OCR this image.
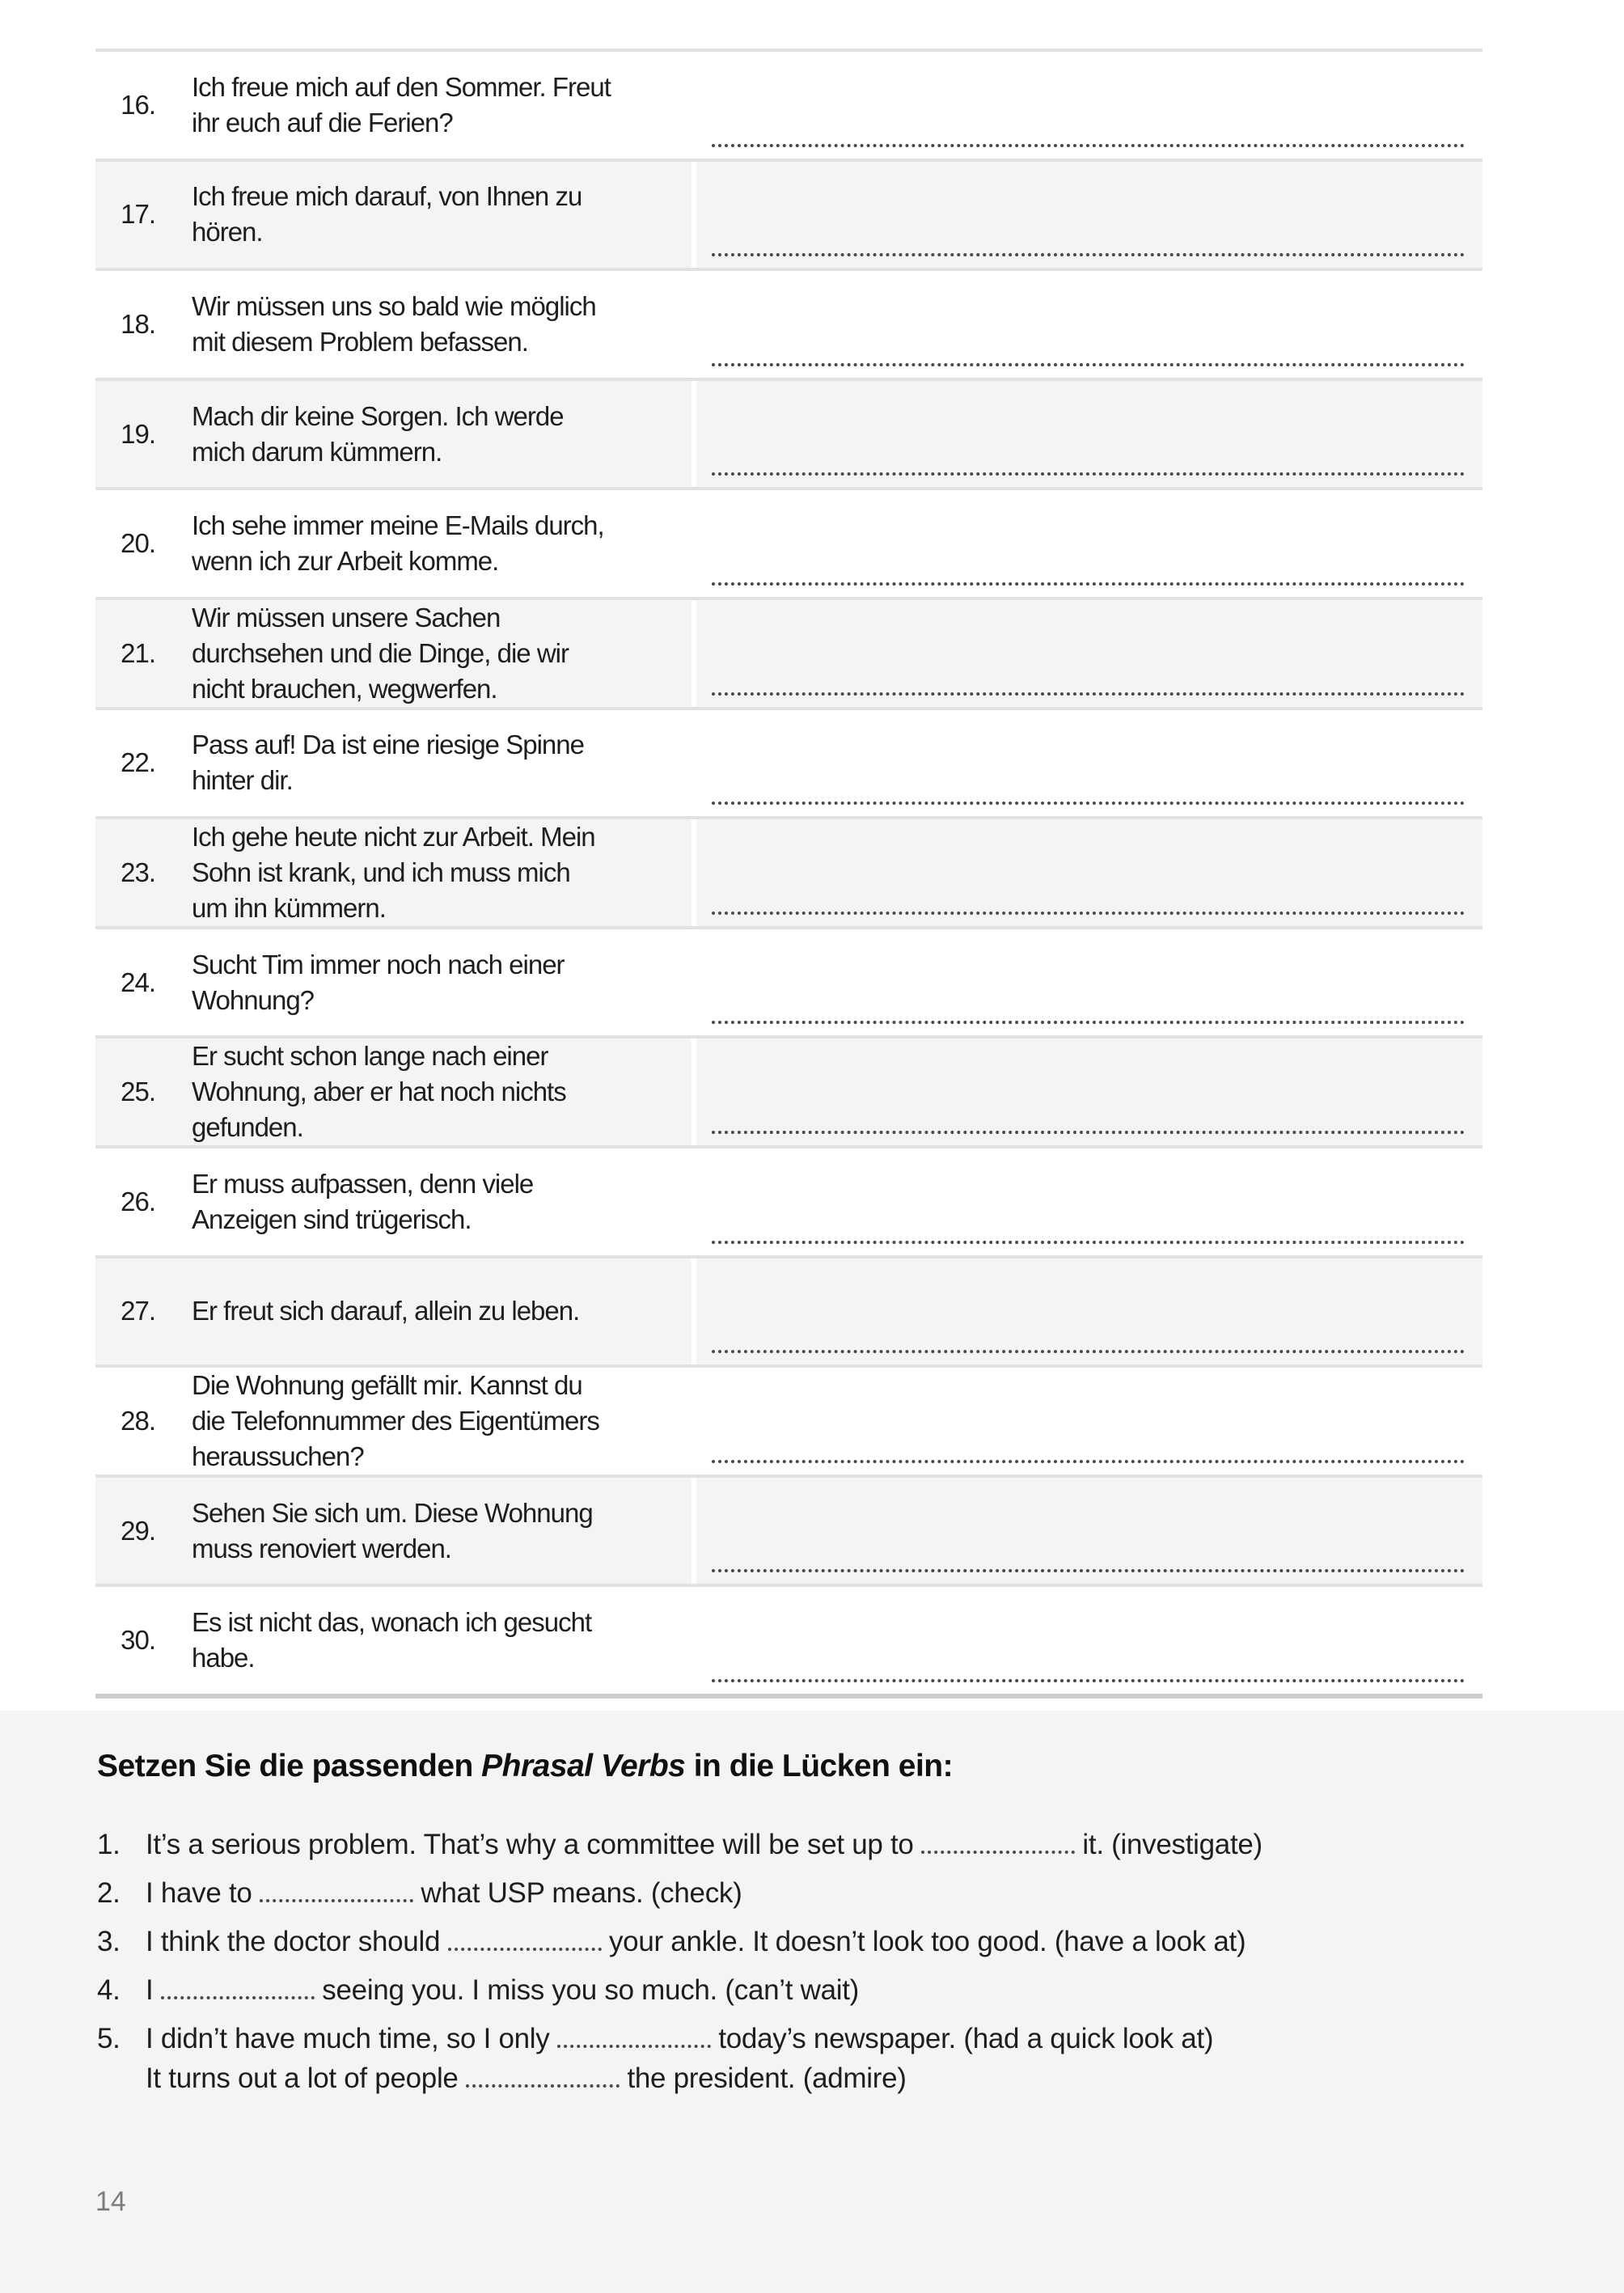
16.
Ich freue mich auf den Sommer. Freut
ihr euch auf die Ferien?
17.
Ich freue mich darauf, von Ihnen zu
hören.
18.
Wir müssen uns so bald wie möglich
mit diesem Problem befassen.
19.
Mach dir keine Sorgen. Ich werde
mich darum kümmern.
20.
Ich sehe immer meine E-Mails durch,
wenn ich zur Arbeit komme.
21.
Wir müssen unsere Sachen
durchsehen und die Dinge, die wir
nicht brauchen, wegwerfen.
22.
Pass auf! Da ist eine riesige Spinne
hinter dir.
23.
Ich gehe heute nicht zur Arbeit. Mein
Sohn ist krank, und ich muss mich
um ihn kümmern.
24.
Sucht Tim immer noch nach einer
Wohnung?
25.
Er sucht schon lange nach einer
Wohnung, aber er hat noch nichts
gefunden.
26.
Er muss aufpassen, denn viele
Anzeigen sind trügerisch.
27. Er freut sich darauf, allein zu leben.
28.
Die Wohnung gefällt mir. Kannst du
die Telefonnummer des Eigentümers
heraussuchen?
29.
Sehen Sie sich um. Diese Wohnung
muss renoviert werden.
30.
Es ist nicht das, wonach ich gesucht
habe.
Setzen Sie die passenden Phrasal Verbs in die Lücken ein:
1. It’s a serious problem. That’s why a committee will be set up to	it. (investigate)
2. I have to	what USP means. (check)
3. I think the doctor should	your ankle. It doesn’t look too good. (have a look at)
4. I	seeing you. I miss you so much. (can’t wait)
5. I didn’t have much time, so I only	today’s newspaper. (had a quick look at)
It turns out a lot of people	the president. (admire)
14
